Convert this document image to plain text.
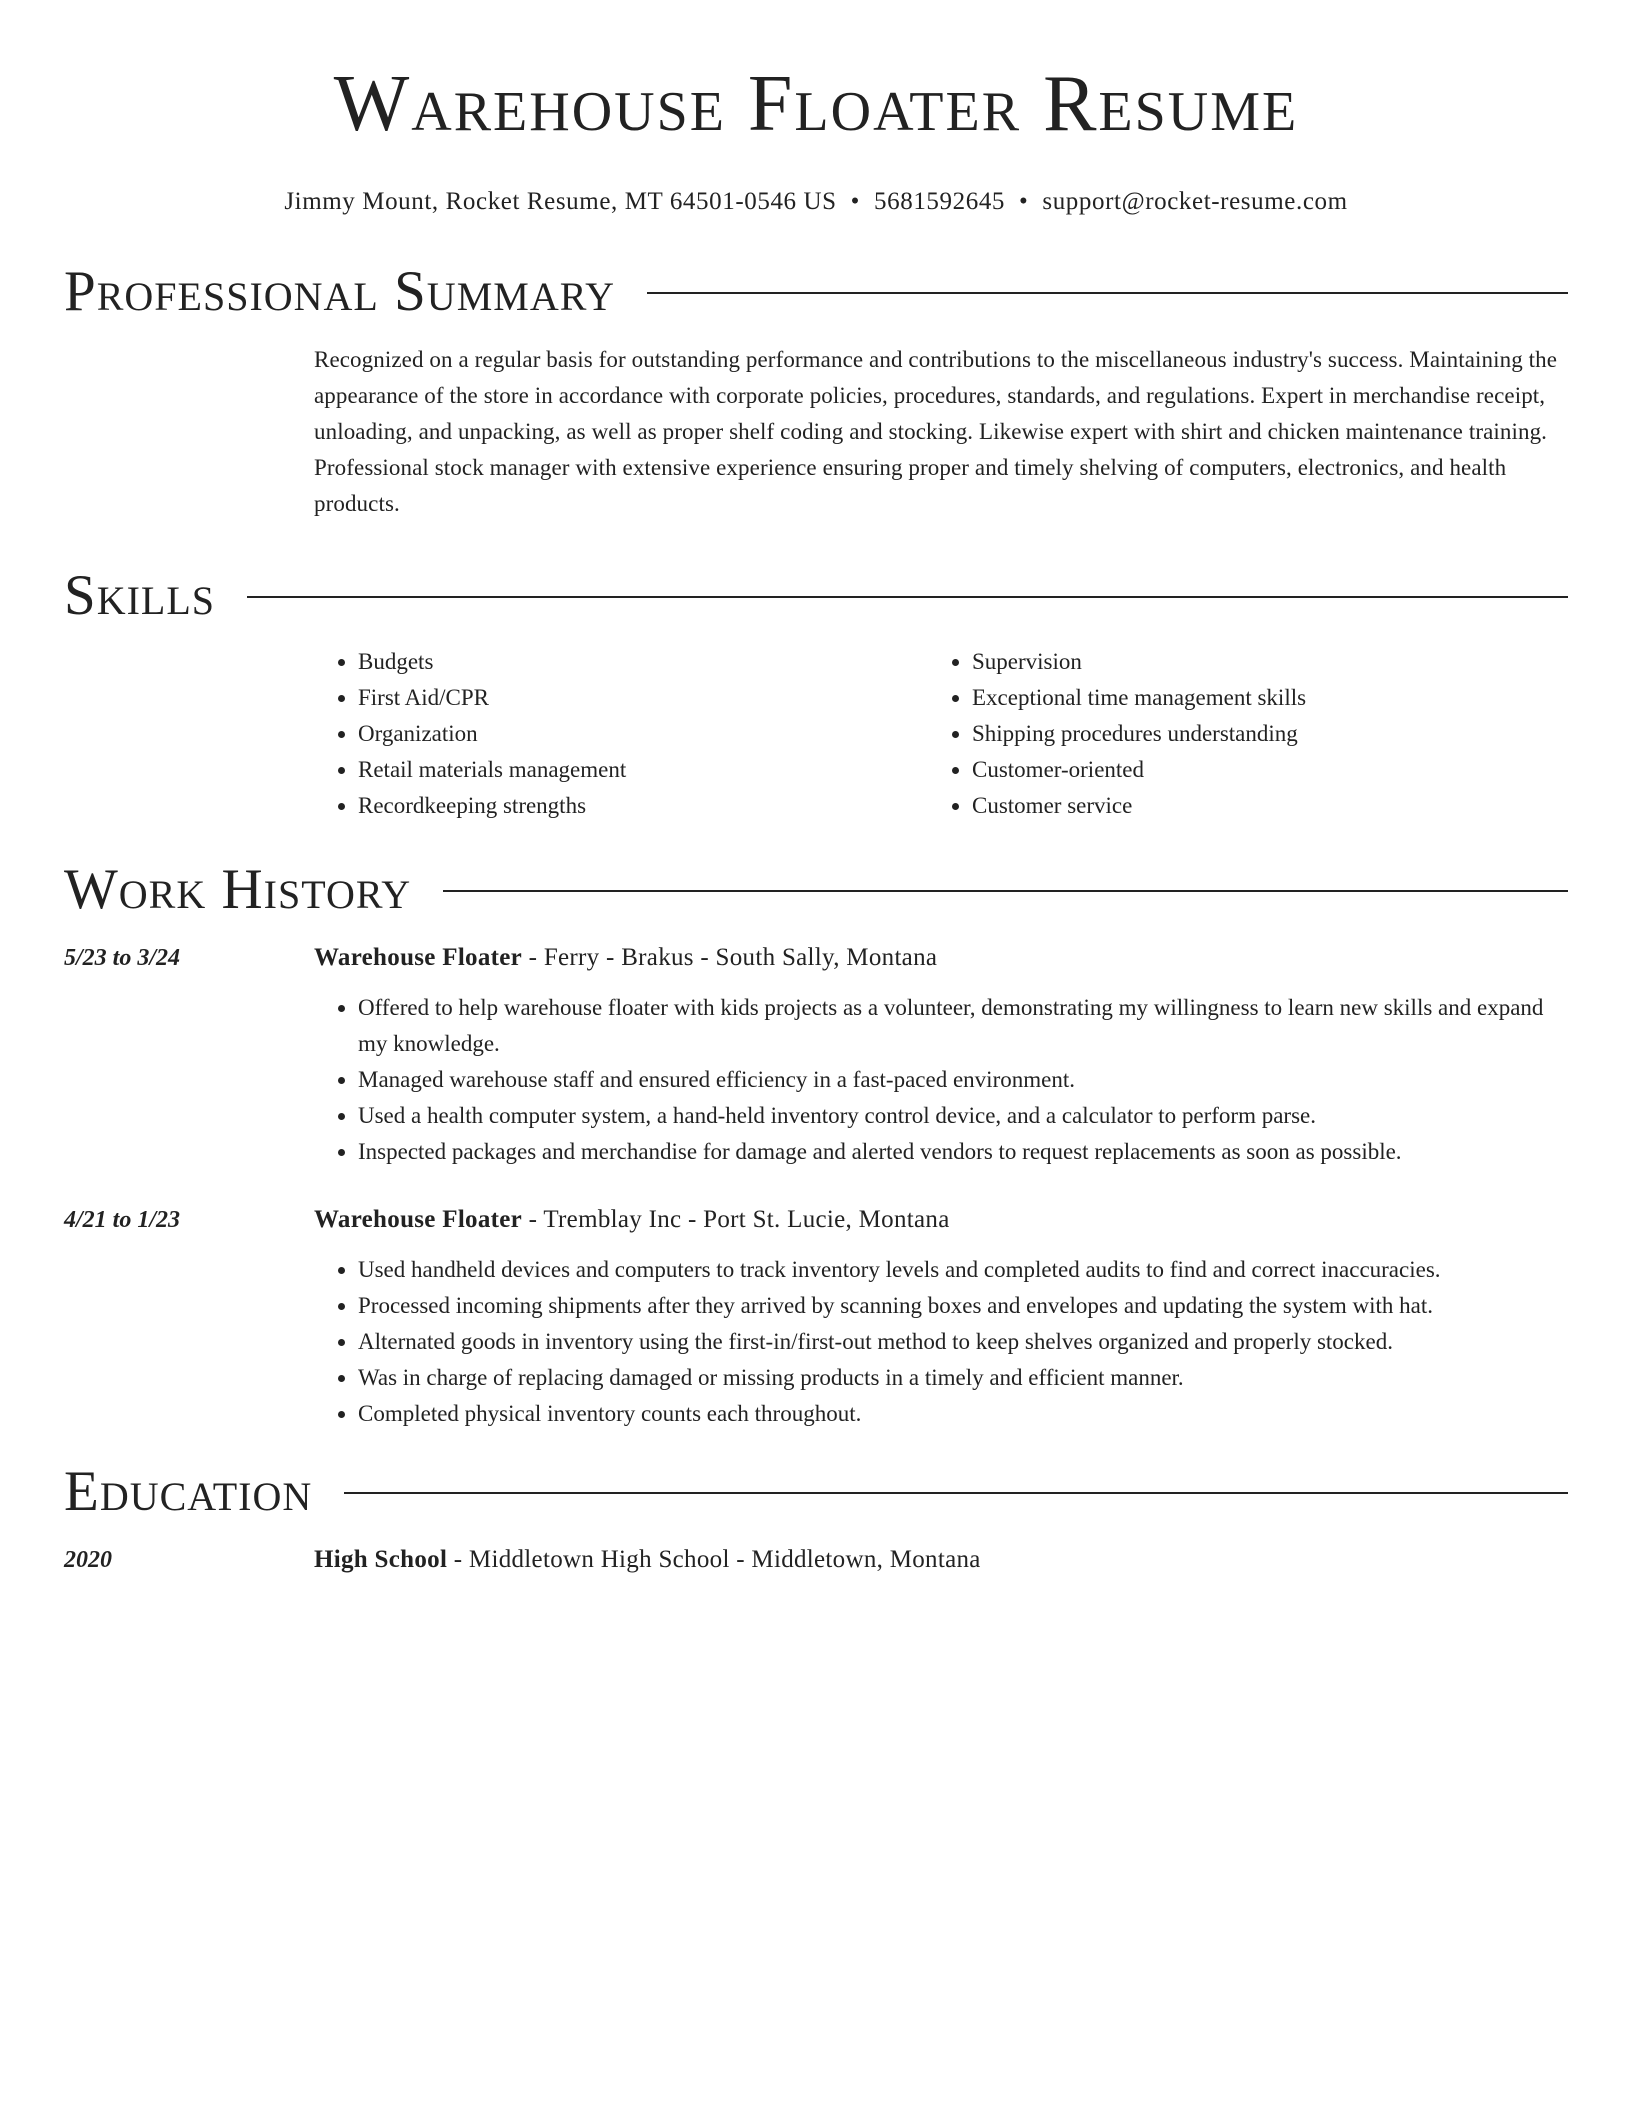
Warehouse Floater Resume
Jimmy Mount, Rocket Resume, MT 64501-0546 US • 5681592645 • support@rocket-resume.com
Professional Summary
Recognized on a regular basis for outstanding performance and contributions to the miscellaneous industry's success. Maintaining the appearance of the store in accordance with corporate policies, procedures, standards, and regulations. Expert in merchandise receipt, unloading, and unpacking, as well as proper shelf coding and stocking. Likewise expert with shirt and chicken maintenance training. Professional stock manager with extensive experience ensuring proper and timely shelving of computers, electronics, and health products.
Skills
• Budgets
• First Aid/CPR
• Organization
• Retail materials management
• Recordkeeping strengths
• Supervision
• Exceptional time management skills
• Shipping procedures understanding
• Customer-oriented
• Customer service
Work History
5/23 to 3/24	Warehouse Floater - Ferry - Brakus - South Sally, Montana
• Offered to help warehouse floater with kids projects as a volunteer, demonstrating my willingness to learn new skills and expand my knowledge.
• Managed warehouse staff and ensured efficiency in a fast-paced environment.
• Used a health computer system, a hand-held inventory control device, and a calculator to perform parse.
• Inspected packages and merchandise for damage and alerted vendors to request replacements as soon as possible.
4/21 to 1/23	Warehouse Floater - Tremblay Inc - Port St. Lucie, Montana
• Used handheld devices and computers to track inventory levels and completed audits to find and correct inaccuracies.
• Processed incoming shipments after they arrived by scanning boxes and envelopes and updating the system with hat.
• Alternated goods in inventory using the first-in/first-out method to keep shelves organized and properly stocked.
• Was in charge of replacing damaged or missing products in a timely and efficient manner.
• Completed physical inventory counts each throughout.
Education
2020	High School - Middletown High School - Middletown, Montana
